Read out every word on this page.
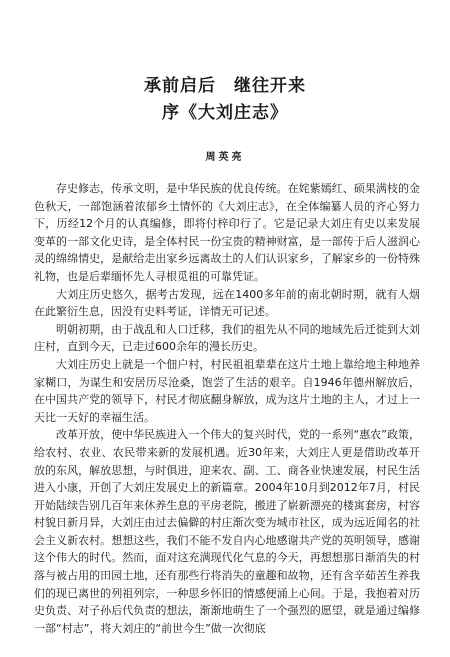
承前启后　继往开来
序《大刘庄志》
周英亮

存史修志，传承文明，是中华民族的优良传统。在姹紫嫣红、硕果满枝的金色秋天，一部饱涵着浓郁乡土情怀的《大刘庄志》，在全体编纂人员的齐心努力下，历经12个月的认真编修，即将付梓印行了。它是记录大刘庄有史以来发展变革的一部文化史诗，是全体村民一份宝贵的精神财富，是一部传于后人滋润心灵的绵绵情史，是献给走出家乡远离故土的人们认识家乡，了解家乡的一份特殊礼物，也是后辈缅怀先人寻根觅祖的可靠凭证。

大刘庄历史悠久，据考古发现，远在1400多年前的南北朝时期，就有人烟在此繁衍生息，因没有史料考证，详情无可记述。

明朝初期，由于战乱和人口迁移，我们的祖先从不同的地域先后迁徙到大刘庄村，直到今天，已走过600余年的漫长历史。

大刘庄历史上就是一个佃户村，村民祖祖辈辈在这片土地上靠给地主种地养家糊口，为谋生和安居历尽沧桑，饱尝了生活的艰辛。自1946年德州解放后，在中国共产党的领导下，村民才彻底翻身解放，成为这片土地的主人，才过上一天比一天好的幸福生活。

改革开放，使中华民族进入一个伟大的复兴时代，党的一系列“惠农”政策，给农村、农业、农民带来新的发展机遇。近30年来，大刘庄人更是借助改革开放的东风，解放思想，与时俱进，迎来农、副、工、商各业快速发展，村民生活进入小康，开创了大刘庄发展史上的新篇章。2004年10月到2012年7月，村民开始陆续告别几百年来休养生息的平房老院，搬进了崭新漂亮的楼寓套房，村容村貌日新月异，大刘庄由过去偏僻的村庄渐次变为城市社区，成为远近闻名的社会主义新农村。想想这些，我们不能不发自内心地感谢共产党的英明领导，感谢这个伟大的时代。然而，面对这充满现代化气息的今天，再想想那日渐消失的村落与被占用的田园土地，还有那些行将消失的童趣和故物，还有含辛茹苦生养我们的现已离世的列祖列宗，一种思乡怀旧的情感便涌上心间。于是，我抱着对历史负责、对子孙后代负责的想法，渐渐地萌生了一个强烈的愿望，就是通过编修一部“村志”，将大刘庄的“前世今生”做一次彻底
